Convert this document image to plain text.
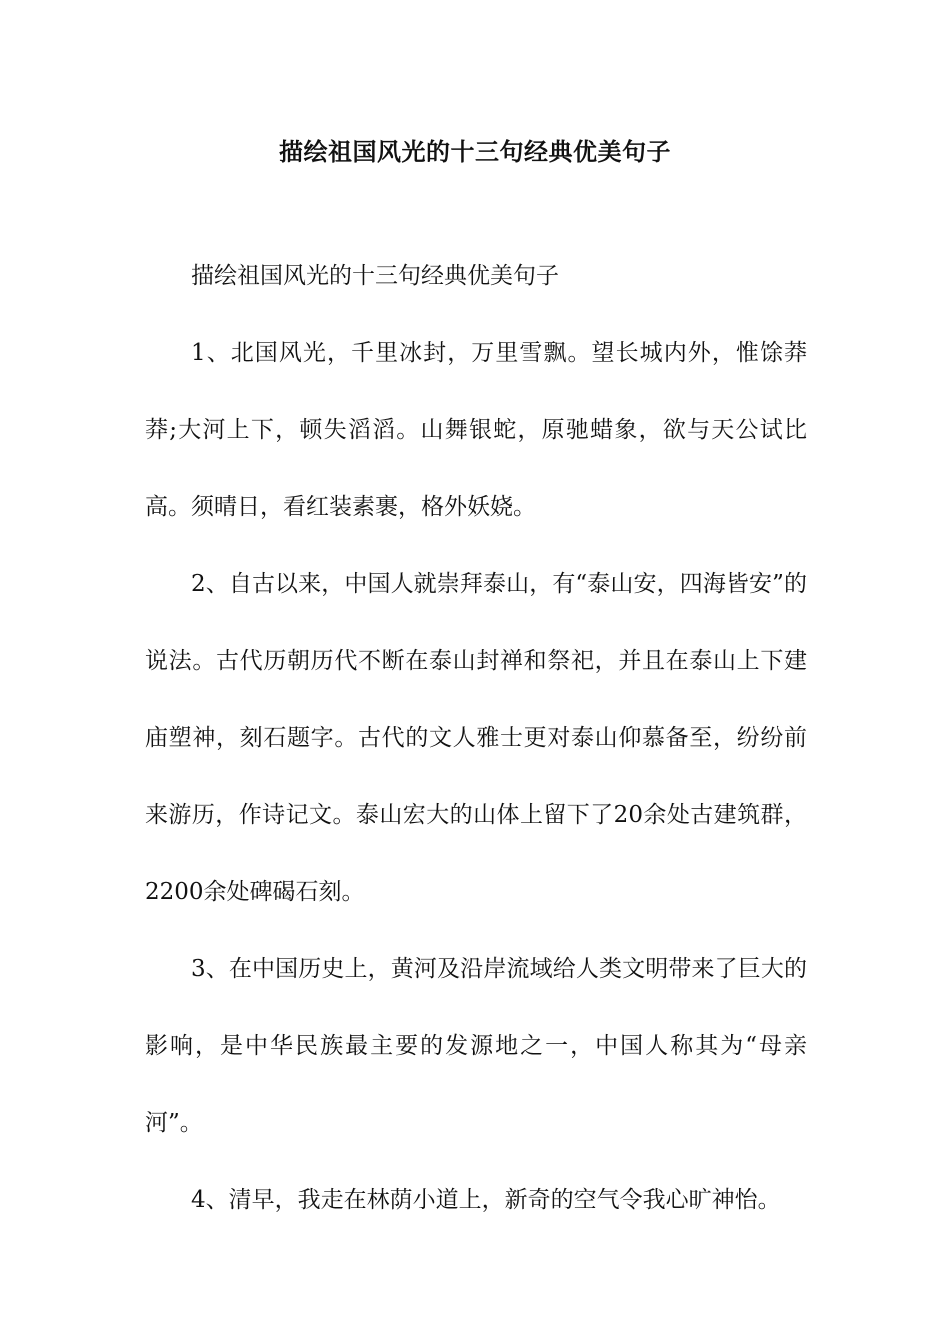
描绘祖国风光的十三句经典优美句子

描绘祖国风光的十三句经典优美句子

1、北国风光，千里冰封，万里雪飘。望长城内外，惟馀莽莽;大河上下，顿失滔滔。山舞银蛇，原驰蜡象，欲与天公试比高。须晴日，看红装素裹，格外妖娆。

2、自古以来，中国人就崇拜泰山，有“泰山安，四海皆安”的说法。古代历朝历代不断在泰山封禅和祭祀，并且在泰山上下建庙塑神，刻石题字。古代的文人雅士更对泰山仰慕备至，纷纷前来游历，作诗记文。泰山宏大的山体上留下了20余处古建筑群，2200余处碑碣石刻。

3、在中国历史上，黄河及沿岸流域给人类文明带来了巨大的影响，是中华民族最主要的发源地之一，中国人称其为“母亲河”。

4、清早，我走在林荫小道上，新奇的空气令我心旷神怡。
